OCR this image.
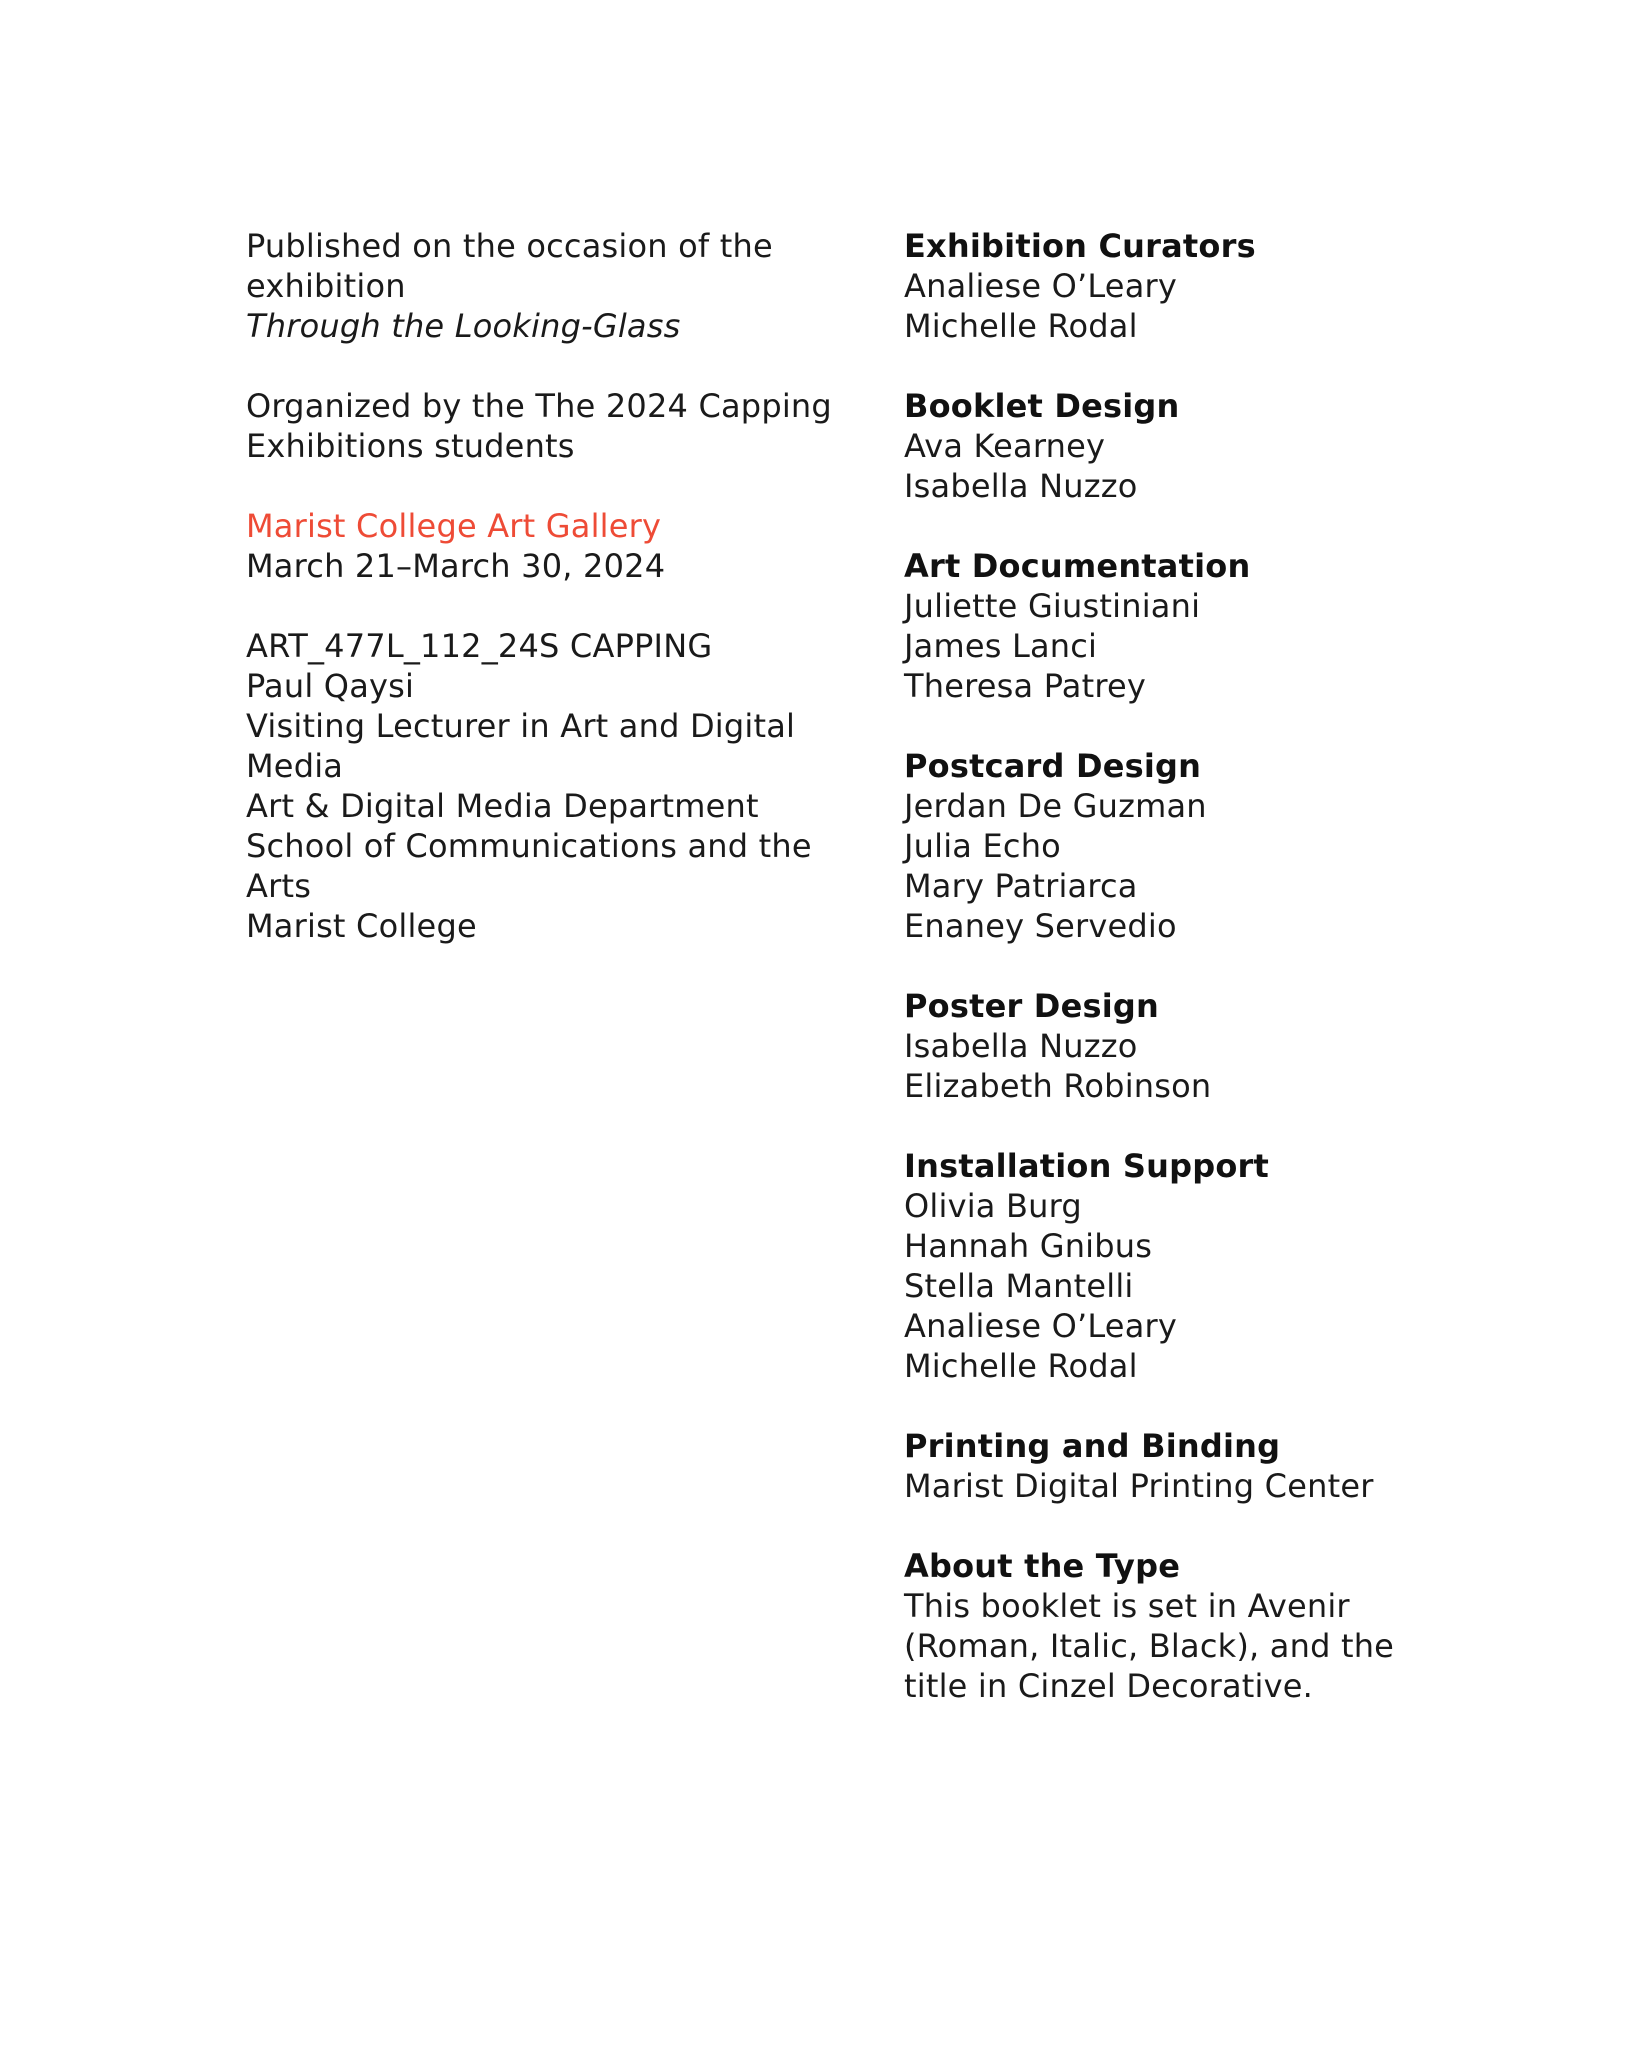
Published on the occasion of the
exhibition
Through the Looking-Glass
Organized by the The 2024 Capping
Exhibitions students
Marist College Art Gallery
March 21–March 30, 2024
ART_477L_112_24S CAPPING
Paul Qaysi
Visiting Lecturer in Art and Digital
Media
Art & Digital Media Department
School of Communications and the
Arts
Marist College
Exhibition Curators
Analiese O’Leary
Michelle Rodal
Booklet Design
Ava Kearney
Isabella Nuzzo
Art Documentation
Juliette Giustiniani
James Lanci
Theresa Patrey
Postcard Design
Jerdan De Guzman
Julia Echo
Mary Patriarca
Enaney Servedio
Poster Design
Isabella Nuzzo
Elizabeth Robinson
Installation Support
Olivia Burg
Hannah Gnibus
Stella Mantelli
Analiese O’Leary
Michelle Rodal
Printing and Binding
Marist Digital Printing Center
About the Type
This booklet is set in Avenir
(Roman, Italic, Black), and the
title in Cinzel Decorative.
